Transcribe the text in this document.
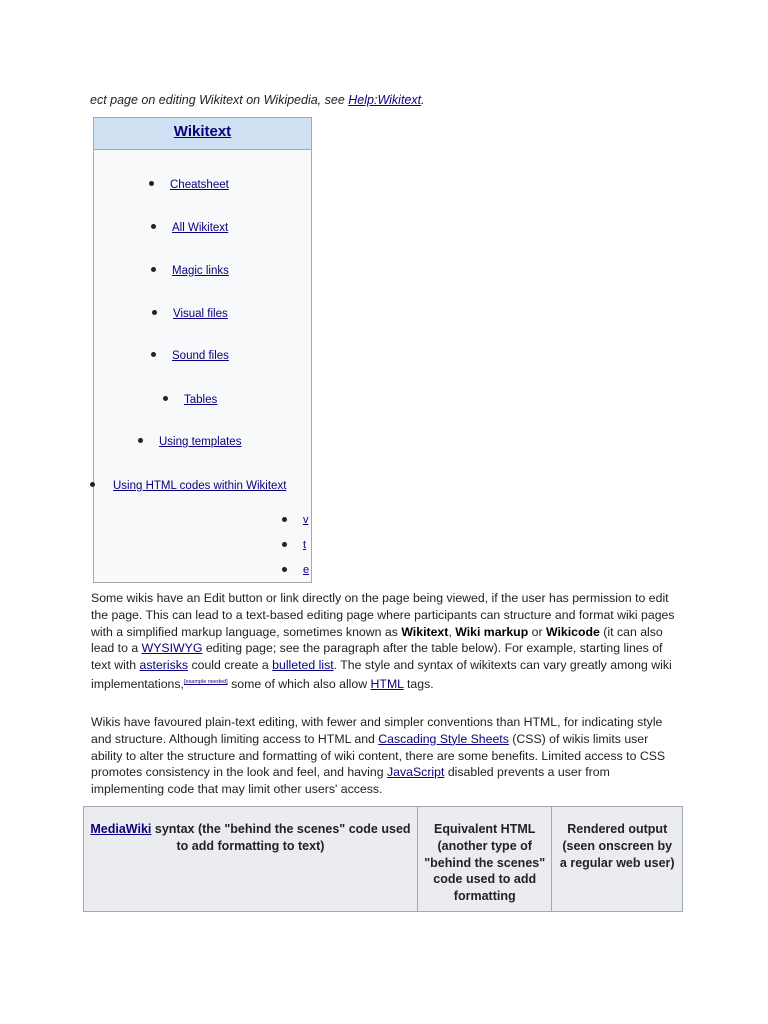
ect page on editing Wikitext on Wikipedia, see Help:Wikitext.
Wikitext
Cheatsheet
All Wikitext
Magic links
Visual files
Sound files
Tables
Using templates
Using HTML codes within Wikitext
v
t
e
Some wikis have an Edit button or link directly on the page being viewed, if the user has permission to edit the page. This can lead to a text-based editing page where participants can structure and format wiki pages with a simplified markup language, sometimes known as Wikitext, Wiki markup or Wikicode (it can also lead to a WYSIWYG editing page; see the paragraph after the table below). For example, starting lines of text with asterisks could create a bulleted list. The style and syntax of wikitexts can vary greatly among wiki implementations,[example needed] some of which also allow HTML tags.
Wikis have favoured plain-text editing, with fewer and simpler conventions than HTML, for indicating style and structure. Although limiting access to HTML and Cascading Style Sheets (CSS) of wikis limits user ability to alter the structure and formatting of wiki content, there are some benefits. Limited access to CSS promotes consistency in the look and feel, and having JavaScript disabled prevents a user from implementing code that may limit other users' access.
MediaWiki syntax (the "behind the scenes" code used to add formatting to text)	Equivalent HTML (another type of "behind the scenes" code used to add formatting	Rendered output (seen onscreen by a regular web user)
